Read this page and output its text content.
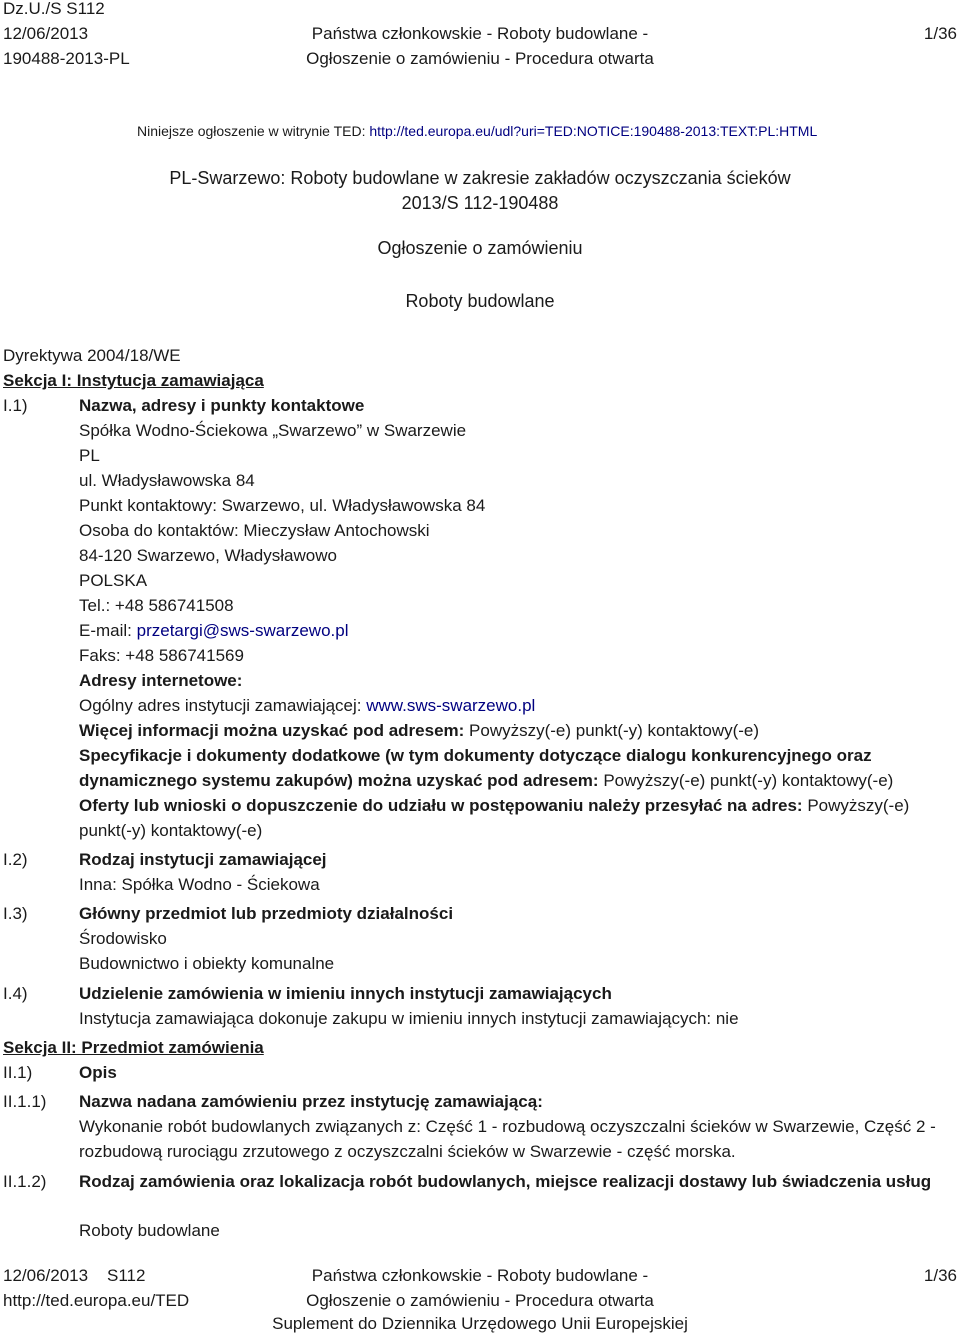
Dz.U./S S112
12/06/2013
190488-2013-PL
Państwa członkowskie - Roboty budowlane -
Ogłoszenie o zamówieniu - Procedura otwarta
1/36
Niniejsze ogłoszenie w witrynie TED: http://ted.europa.eu/udl?uri=TED:NOTICE:190488-2013:TEXT:PL:HTML
PL-Swarzewo: Roboty budowlane w zakresie zakładów oczyszczania ścieków
2013/S 112-190488
Ogłoszenie o zamówieniu
Roboty budowlane
Dyrektywa 2004/18/WE
Sekcja I: Instytucja zamawiająca
I.1)	Nazwa, adresy i punkty kontaktowe
Spółka Wodno-Ściekowa „Swarzewo” w Swarzewie
PL
ul. Władysławowska 84
Punkt kontaktowy: Swarzewo, ul. Władysławowska 84
Osoba do kontaktów: Mieczysław Antochowski
84-120 Swarzewo, Władysławowo
POLSKA
Tel.: +48 586741508
E-mail: przetargi@sws-swarzewo.pl
Faks: +48 586741569
Adresy internetowe:
Ogólny adres instytucji zamawiającej: www.sws-swarzewo.pl
Więcej informacji można uzyskać pod adresem: Powyższy(-e) punkt(-y) kontaktowy(-e)
Specyfikacje i dokumenty dodatkowe (w tym dokumenty dotyczące dialogu konkurencyjnego oraz dynamicznego systemu zakupów) można uzyskać pod adresem: Powyższy(-e) punkt(-y) kontaktowy(-e)
Oferty lub wnioski o dopuszczenie do udziału w postępowaniu należy przesyłać na adres: Powyższy(-e) punkt(-y) kontaktowy(-e)
I.2)	Rodzaj instytucji zamawiającej
Inna: Spółka Wodno - Ściekowa
I.3)	Główny przedmiot lub przedmioty działalności
Środowisko
Budownictwo i obiekty komunalne
I.4)	Udzielenie zamówienia w imieniu innych instytucji zamawiających
Instytucja zamawiająca dokonuje zakupu w imieniu innych instytucji zamawiających: nie
Sekcja II: Przedmiot zamówienia
II.1)	Opis
II.1.1) Nazwa nadana zamówieniu przez instytucję zamawiającą:
Wykonanie robót budowlanych związanych z: Część 1 - rozbudową oczyszczalni ścieków w Swarzewie, Część 2 - rozbudową rurociągu zrzutowego z oczyszczalni ścieków w Swarzewie - część morska.
II.1.2) Rodzaj zamówienia oraz lokalizacja robót budowlanych, miejsce realizacji dostawy lub świadczenia usług
Roboty budowlane
12/06/2013    S112
http://ted.europa.eu/TED
Państwa członkowskie - Roboty budowlane -
Ogłoszenie o zamówieniu - Procedura otwarta
Suplement do Dziennika Urzędowego Unii Europejskiej
1/36
